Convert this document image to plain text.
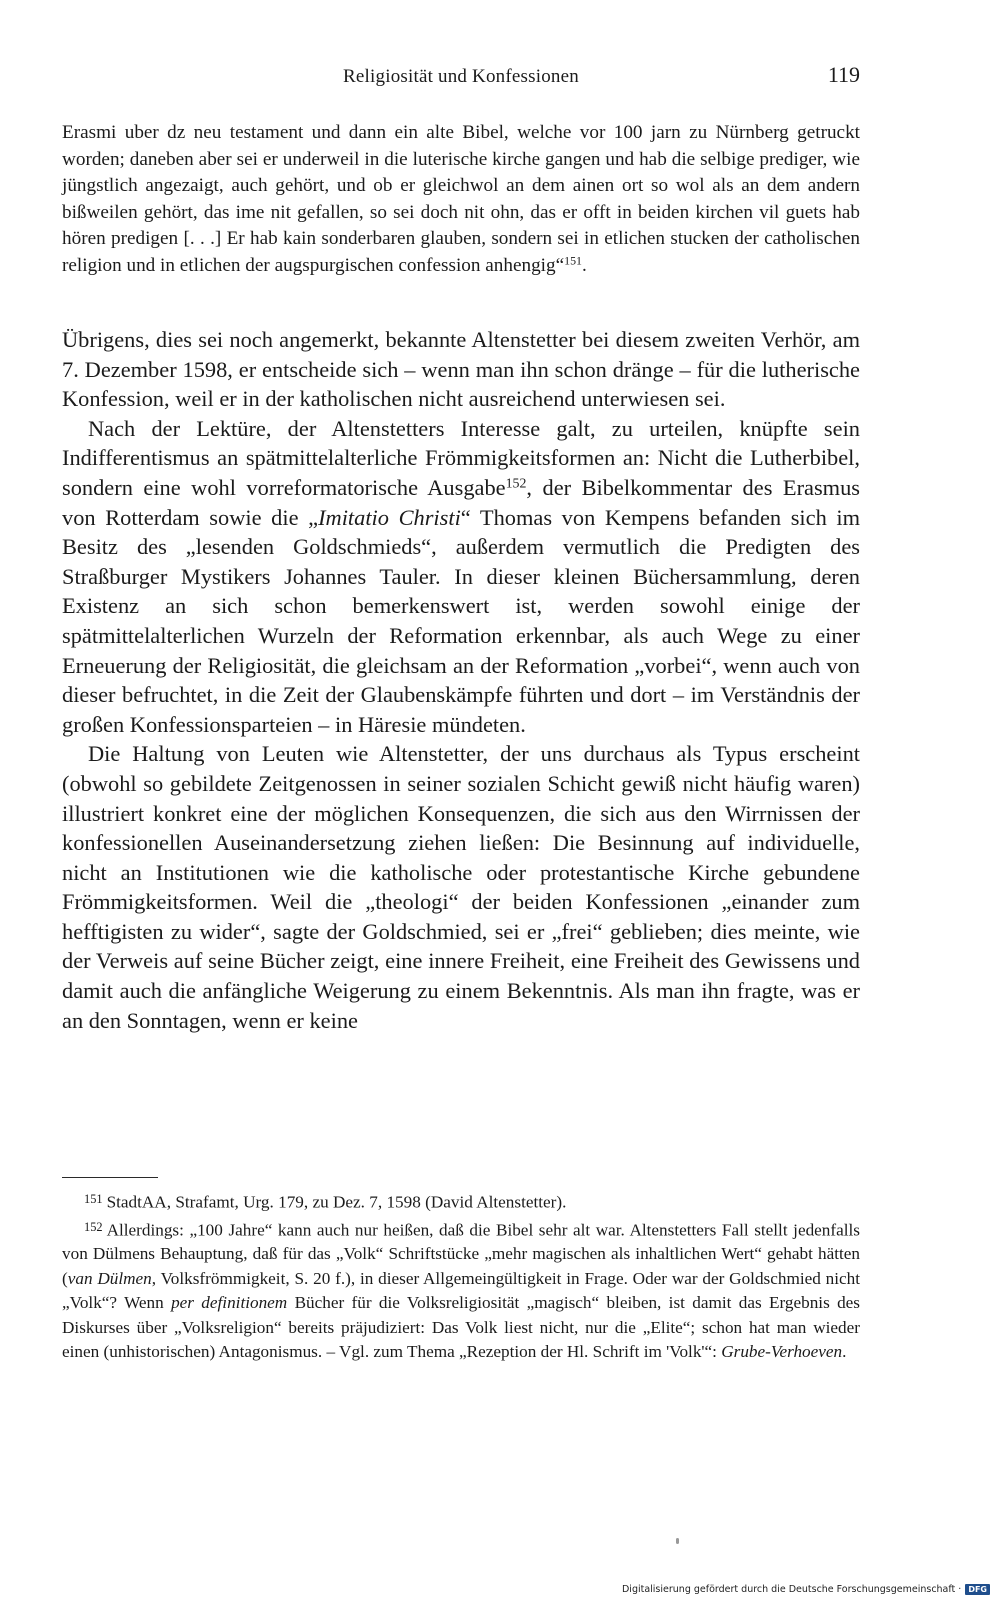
Religiosität und Konfessionen	119

Erasmi uber dz neu testament und dann ein alte Bibel, welche vor 100 jarn zu Nürnberg getruckt worden; daneben aber sei er underweil in die luterische kirche gangen und hab die selbige prediger, wie jüngstlich angezaigt, auch gehört, und ob er gleichwol an dem ainen ort so wol als an dem andern bißweilen gehört, das ime nit gefallen, so sei doch nit ohn, das er offt in beiden kirchen vil guets hab hören predigen [. . .] Er hab kain sonderbaren glauben, sondern sei in etlichen stucken der catholischen religion und in etlichen der augspurgischen confession anhengig“$^{151}$.

Übrigens, dies sei noch angemerkt, bekannte Altenstetter bei diesem zweiten Verhör, am 7. Dezember 1598, er entscheide sich – wenn man ihn schon dränge – für die lutherische Konfession, weil er in der katholischen nicht ausreichend unterwiesen sei.

Nach der Lektüre, der Altenstetters Interesse galt, zu urteilen, knüpfte sein Indifferentismus an spätmittelalterliche Frömmigkeitsformen an: Nicht die Lutherbibel, sondern eine wohl vorreformatorische Ausgabe$^{152}$, der Bibelkommentar des Erasmus von Rotterdam sowie die „Imitatio Christi“ Thomas von Kempens befanden sich im Besitz des „lesenden Goldschmieds“, außerdem vermutlich die Predigten des Straßburger Mystikers Johannes Tauler. In dieser kleinen Büchersammlung, deren Existenz an sich schon bemerkenswert ist, werden sowohl einige der spätmittelalterlichen Wurzeln der Reformation erkennbar, als auch Wege zu einer Erneuerung der Religiosität, die gleichsam an der Reformation „vorbei“, wenn auch von dieser befruchtet, in die Zeit der Glaubenskämpfe führten und dort – im Verständnis der großen Konfessionsparteien – in Häresie mündeten.

Die Haltung von Leuten wie Altenstetter, der uns durchaus als Typus erscheint (obwohl so gebildete Zeitgenossen in seiner sozialen Schicht gewiß nicht häufig waren) illustriert konkret eine der möglichen Konsequenzen, die sich aus den Wirrnissen der konfessionellen Auseinandersetzung ziehen ließen: Die Besinnung auf individuelle, nicht an Institutionen wie die katholische oder protestantische Kirche gebundene Frömmigkeitsformen. Weil die „theologi“ der beiden Konfessionen „einander zum hefftigisten zu wider“, sagte der Goldschmied, sei er „frei“ geblieben; dies meinte, wie der Verweis auf seine Bücher zeigt, eine innere Freiheit, eine Freiheit des Gewissens und damit auch die anfängliche Weigerung zu einem Bekenntnis. Als man ihn fragte, was er an den Sonntagen, wenn er keine

$^{151}$ StadtAA, Strafamt, Urg. 179, zu Dez. 7, 1598 (David Altenstetter).

$^{152}$ Allerdings: „100 Jahre“ kann auch nur heißen, daß die Bibel sehr alt war. Altenstetters Fall stellt jedenfalls von Dülmens Behauptung, daß für das „Volk“ Schriftstücke „mehr magischen als inhaltlichen Wert“ gehabt hätten (van Dülmen, Volksfrömmigkeit, S. 20 f.), in dieser Allgemeingültigkeit in Frage. Oder war der Goldschmied nicht „Volk“? Wenn per definitionem Bücher für die Volksreligiosität „magisch“ bleiben, ist damit das Ergebnis des Diskurses über „Volksreligion“ bereits präjudiziert: Das Volk liest nicht, nur die „Elite“; schon hat man wieder einen (unhistorischen) Antagonismus. – Vgl. zum Thema „Rezeption der Hl. Schrift im 'Volk'“: Grube-Verhoeven.

Digitalisierung gefördert durch die Deutsche Forschungsgemeinschaft · DFG
